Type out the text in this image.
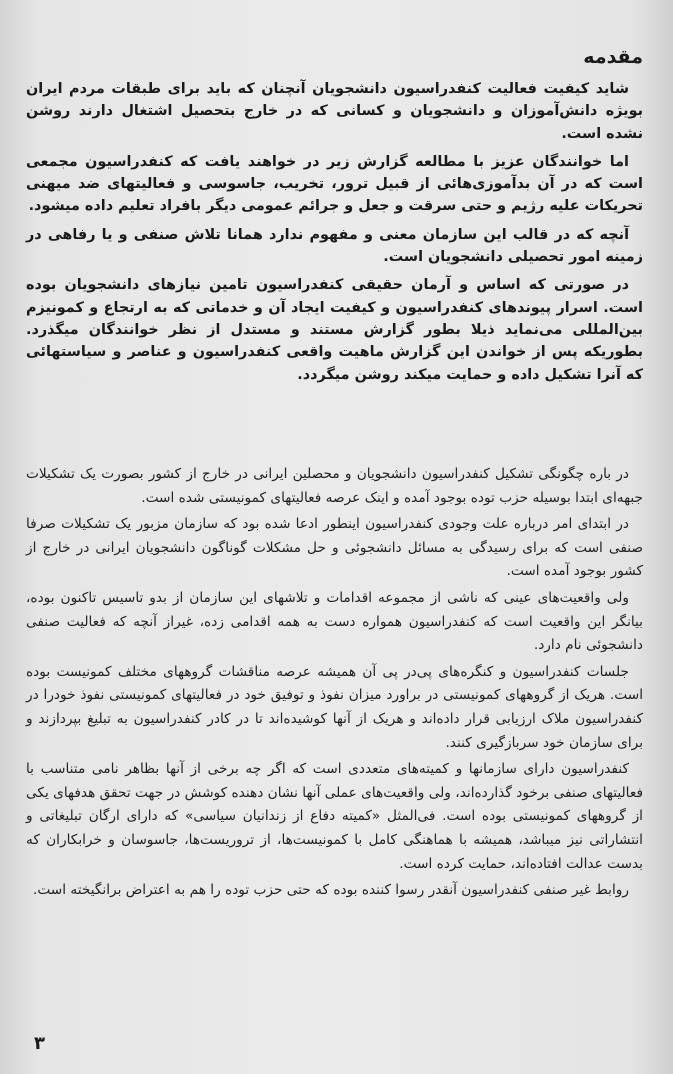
مقدمه

شاید کیفیت فعالیت کنفدراسیون دانشجویان آنچنان که باید برای طبقات مردم ایران بویژه دانش‌آموزان و دانشجویان و کسانی که در خارج بتحصیل اشتغال دارند روشن نشده است.

اما خوانندگان عزیز با مطالعه گزارش زیر در خواهند یافت که کنفدراسیون مجمعی است که در آن بدآموزی‌هائی از قبیل ترور، تخریب، جاسوسی و فعالیتهای ضد میهنی تحریکات علیه رژیم و حتی سرقت و جعل و جرائم عمومی دیگر بافراد تعلیم داده میشود.

آنچه که در قالب این سازمان معنی و مفهوم ندارد همانا تلاش صنفی و یا رفاهی در زمینه امور تحصیلی دانشجویان است.

در صورتی که اساس و آرمان حقیقی کنفدراسیون تامین نیازهای دانشجویان بوده است. اسرار پیوندهای کنفدراسیون و کیفیت ایجاد آن و خدماتی که به ارتجاع و کمونیزم بین‌المللی می‌نماید ذیلا بطور گزارش مستند و مستدل از نظر خوانندگان میگذرد. بطوریکه پس از خواندن این گزارش ماهیت واقعی کنفدراسیون و عناصر و سیاستهائی که آنرا تشکیل داده و حمایت میکند روشن میگردد.

در باره چگونگی تشکیل کنفدراسیون دانشجویان و محصلین ایرانی در خارج از کشور بصورت یک تشکیلات جبهه‌ای ابتدا بوسیله حزب توده بوجود آمده و اینک عرصه فعالیتهای کمونیستی شده است.

در ابتدای امر درباره علت وجودی کنفدراسیون اینطور ادعا شده بود که سازمان مزبور یک تشکیلات صرفا صنفی است که برای رسیدگی به مسائل دانشجوئی و حل مشکلات گوناگون دانشجویان ایرانی در خارج از کشور بوجود آمده است.

ولی واقعیت‌های عینی که ناشی از مجموعه اقدامات و تلاشهای این سازمان از بدو تاسیس تاکنون بوده، بیانگر این واقعیت است که کنفدراسیون همواره دست به همه اقدامی زده، غیراز آنچه که فعالیت صنفی دانشجوئی نام دارد.

جلسات کنفدراسیون و کنگره‌های پی‌در پی آن همیشه عرصه مناقشات گروههای مختلف کمونیست بوده است. هریک از گروههای کمونیستی در براورد میزان نفوذ و توفیق خود در فعالیتهای کمونیستی نفوذ خودرا در کنفدراسیون ملاک ارزیابی قرار داده‌اند و هریک از آنها کوشیده‌اند تا در کادر کنفدراسیون به تبلیغ بپردازند و برای سازمان خود سربازگیری کنند.

کنفدراسیون دارای سازمانها و کمیته‌های متعددی است که اگر چه برخی از آنها بظاهر نامی متناسب با فعالیتهای صنفی برخود گذارده‌اند، ولی واقعیت‌های عملی آنها نشان دهنده کوشش در جهت تحقق هدفهای یکی از گروههای کمونیستی بوده است. فی‌المثل «کمیته دفاع از زندانیان سیاسی» که دارای ارگان تبلیغاتی و انتشاراتی نیز میباشد، همیشه با هماهنگی کامل با کمونیست‌ها، از تروریست‌ها، جاسوسان و خرابکاران که بدست عدالت افتاده‌اند، حمایت کرده است.

روابط غیر صنفی کنفدراسیون آنقدر رسوا کننده بوده که حتی حزب توده را هم به اعتراض برانگیخته است.

۳
